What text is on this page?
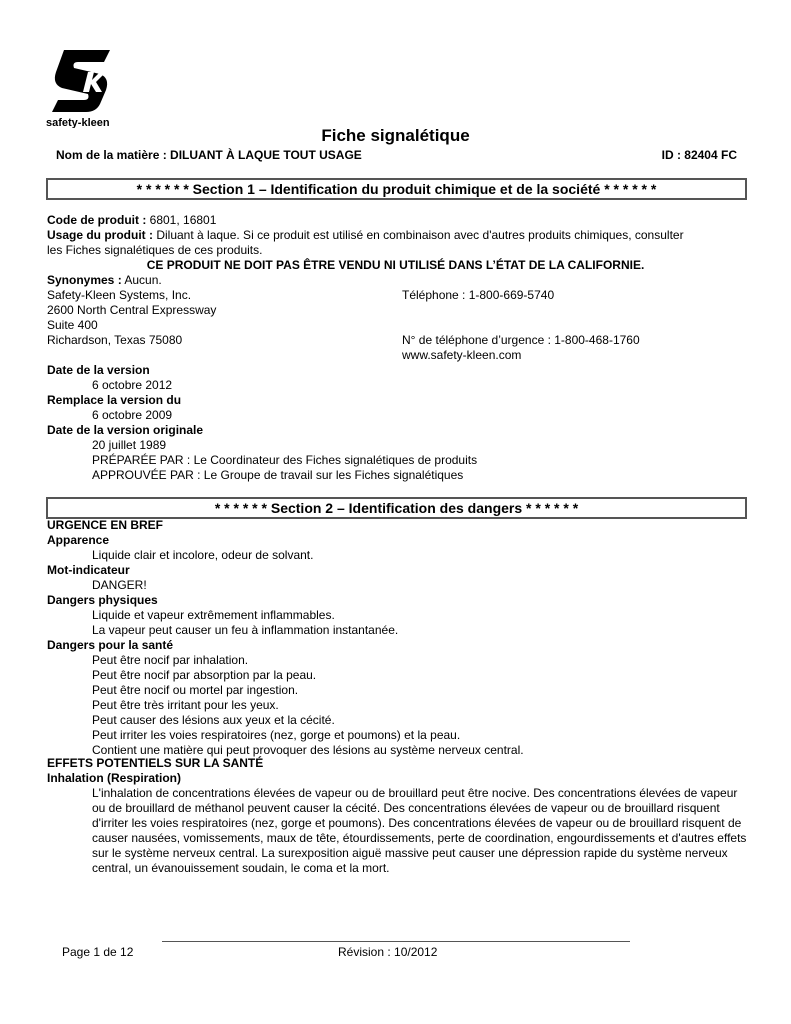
safety-kleen
Fiche signalétique
Nom de la matière : DILUANT À LAQUE TOUT USAGE	ID : 82404 FC
* * * * * * Section 1 – Identification du produit chimique et de la société * * * * * *
Code de produit : 6801, 16801
Usage du produit : Diluant à laque. Si ce produit est utilisé en combinaison avec d'autres produits chimiques, consulter
les Fiches signalétiques de ces produits.
CE PRODUIT NE DOIT PAS ÊTRE VENDU NI UTILISÉ DANS L’ÉTAT DE LA CALIFORNIE.
Synonymes : Aucun.
Safety-Kleen Systems, Inc.	Téléphone : 1-800-669-5740
2600 North Central Expressway
Suite 400
Richardson, Texas 75080	N° de téléphone d’urgence : 1-800-468-1760
www.safety-kleen.com
Date de la version
6 octobre 2012
Remplace la version du
6 octobre 2009
Date de la version originale
20 juillet 1989
PRÉPARÉE PAR : Le Coordinateur des Fiches signalétiques de produits
APPROUVÉE PAR : Le Groupe de travail sur les Fiches signalétiques
* * * * * * Section 2 – Identification des dangers * * * * * *
URGENCE EN BREF
Apparence
Liquide clair et incolore, odeur de solvant.
Mot-indicateur
DANGER!
Dangers physiques
Liquide et vapeur extrêmement inflammables.
La vapeur peut causer un feu à inflammation instantanée.
Dangers pour la santé
Peut être nocif par inhalation.
Peut être nocif par absorption par la peau.
Peut être nocif ou mortel par ingestion.
Peut être très irritant pour les yeux.
Peut causer des lésions aux yeux et la cécité.
Peut irriter les voies respiratoires (nez, gorge et poumons) et la peau.
Contient une matière qui peut provoquer des lésions au système nerveux central.
EFFETS POTENTIELS SUR LA SANTÉ
Inhalation (Respiration)
L'inhalation de concentrations élevées de vapeur ou de brouillard peut être nocive. Des concentrations élevées de vapeur ou de brouillard de méthanol peuvent causer la cécité. Des concentrations élevées de vapeur ou de brouillard risquent d'irriter les voies respiratoires (nez, gorge et poumons). Des concentrations élevées de vapeur ou de brouillard risquent de causer nausées, vomissements, maux de tête, étourdissements, perte de coordination, engourdissements et d'autres effets sur le système nerveux central. La surexposition aiguë massive peut causer une dépression rapide du système nerveux central, un évanouissement soudain, le coma et la mort.
Page 1 de 12	Révision : 10/2012
